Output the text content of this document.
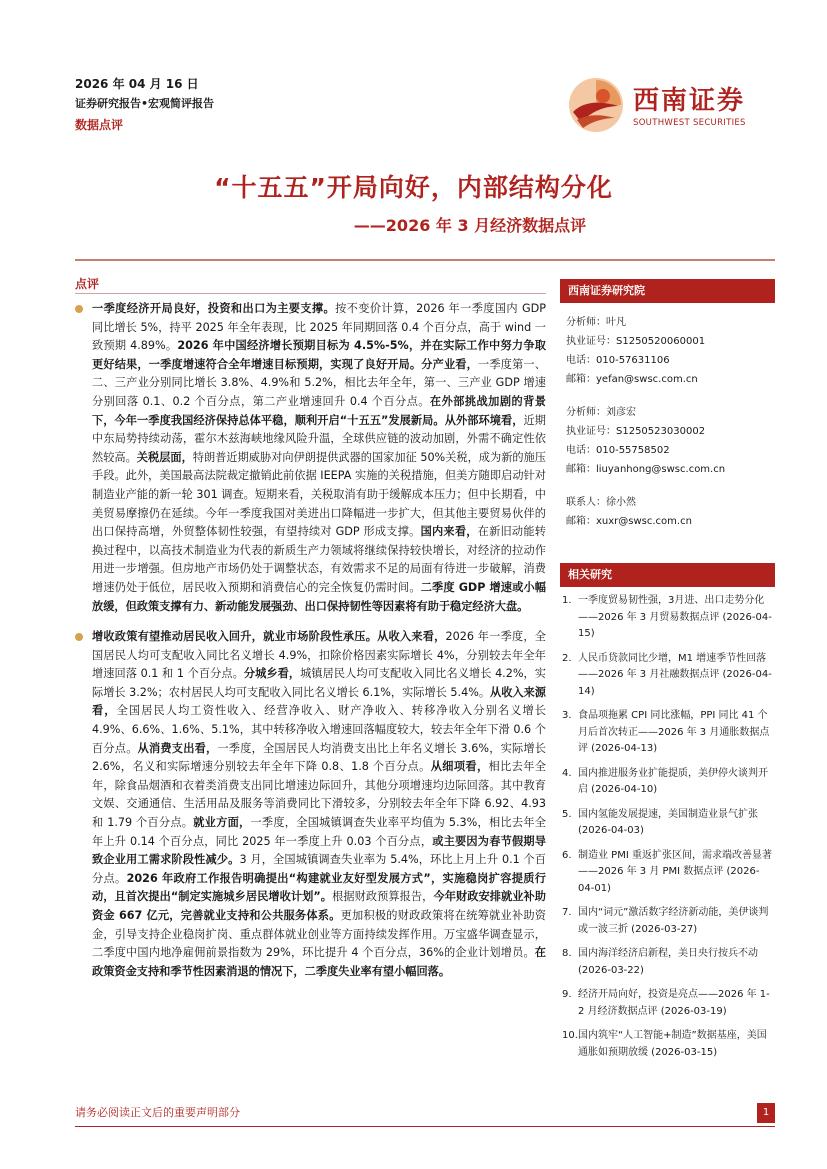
2026 年 04 月 16 日
证券研究报告•宏观简评报告
数据点评
西南证券
SOUTHWEST SECURITIES
“十五五”开局向好，内部结构分化
——2026 年 3 月经济数据点评
点评
一季度经济开局良好，投资和出口为主要支撑。按不变价计算，2026 年一季度国内 GDP 同比增长 5%，持平 2025 年全年表现，比 2025 年同期回落 0.4 个百分点，高于 wind 一致预期 4.89%。2026 年中国经济增长预期目标为 4.5%-5%，并在实际工作中努力争取更好结果，一季度增速符合全年增速目标预期，实现了良好开局。分产业看，一季度第一、二、三产业分别同比增长 3.8%、4.9%和 5.2%，相比去年全年，第一、三产业 GDP 增速分别回落 0.1、0.2 个百分点，第二产业增速回升 0.4 个百分点。在外部挑战加剧的背景下，今年一季度我国经济保持总体平稳，顺利开启“十五五”发展新局。从外部环境看，近期中东局势持续动荡，霍尔木兹海峡地缘风险升温，全球供应链的波动加剧，外需不确定性依然较高。关税层面，特朗普近期威胁对向伊朗提供武器的国家加征 50%关税，成为新的施压手段。此外，美国最高法院裁定撤销此前依据 IEEPA 实施的关税措施，但美方随即启动针对制造业产能的新一轮 301 调查。短期来看，关税取消有助于缓解成本压力；但中长期看，中美贸易摩擦仍在延续。今年一季度我国对美进出口降幅进一步扩大，但其他主要贸易伙伴的出口保持高增，外贸整体韧性较强，有望持续对 GDP 形成支撑。国内来看，在新旧动能转换过程中，以高技术制造业为代表的新质生产力领域将继续保持较快增长，对经济的拉动作用进一步增强。但房地产市场仍处于调整状态，有效需求不足的局面有待进一步破解，消费增速仍处于低位，居民收入预期和消费信心的完全恢复仍需时间。二季度 GDP 增速或小幅放缓，但政策支撑有力、新动能发展强劲、出口保持韧性等因素将有助于稳定经济大盘。
增收政策有望推动居民收入回升，就业市场阶段性承压。从收入来看，2026 年一季度，全国居民人均可支配收入同比名义增长 4.9%，扣除价格因素实际增长 4%，分别较去年全年增速回落 0.1 和 1 个百分点。分城乡看，城镇居民人均可支配收入同比名义增长 4.2%，实际增长 3.2%；农村居民人均可支配收入同比名义增长 6.1%，实际增长 5.4%。从收入来源看，全国居民人均工资性收入、经营净收入、财产净收入、转移净收入分别名义增长 4.9%、6.6%、1.6%、5.1%，其中转移净收入增速回落幅度较大，较去年全年下滑 0.6 个百分点。从消费支出看，一季度，全国居民人均消费支出比上年名义增长 3.6%，实际增长 2.6%，名义和实际增速分别较去年全年下降 0.8、1.8 个百分点。从细项看，相比去年全年，除食品烟酒和衣着类消费支出同比增速边际回升，其他分项增速均边际回落。其中教育文娱、交通通信、生活用品及服务等消费同比下滑较多，分别较去年全年下降 6.92、4.93 和 1.79 个百分点。就业方面，一季度，全国城镇调查失业率平均值为 5.3%，相比去年全年上升 0.14 个百分点，同比 2025 年一季度上升 0.03 个百分点，或主要因为春节假期导致企业用工需求阶段性减少。3 月，全国城镇调查失业率为 5.4%，环比上月上升 0.1 个百分点。2026 年政府工作报告明确提出“构建就业友好型发展方式”，实施稳岗扩容提质行动，且首次提出“制定实施城乡居民增收计划”。根据财政预算报告，今年财政安排就业补助资金 667 亿元，完善就业支持和公共服务体系。更加积极的财政政策将在统筹就业补助资金，引导支持企业稳岗扩岗、重点群体就业创业等方面持续发挥作用。万宝盛华调查显示，二季度中国内地净雇佣前景指数为 29%，环比提升 4 个百分点，36%的企业计划增员。在政策资金支持和季节性因素消退的情况下，二季度失业率有望小幅回落。
西南证券研究院
分析师：叶凡
执业证号：S1250520060001
电话：010-57631106
邮箱：yefan@swsc.com.cn
分析师：刘彦宏
执业证号：S1250523030002
电话：010-55758502
邮箱：liuyanhong@swsc.com.cn
联系人：徐小然
邮箱：xuxr@swsc.com.cn
相关研究
1. 一季度贸易韧性强，3月进、出口走势分化——2026 年 3 月贸易数据点评 (2026-04-15)
2. 人民币贷款同比少增，M1 增速季节性回落——2026 年 3 月社融数据点评 (2026-04-14)
3. 食品项拖累 CPI 同比涨幅，PPI 同比 41 个月后首次转正——2026 年 3 月通胀数据点评 (2026-04-13)
4. 国内推进服务业扩能提质，美伊停火谈判开启 (2026-04-10)
5. 国内氢能发展提速，美国制造业景气扩张 (2026-04-03)
6. 制造业 PMI 重返扩张区间，需求端改善显著——2026 年 3 月 PMI 数据点评 (2026-04-01)
7. 国内“词元”激活数字经济新动能，美伊谈判或一波三折 (2026-03-27)
8. 国内海洋经济启新程，美日央行按兵不动 (2026-03-22)
9. 经济开局向好，投资是亮点——2026 年 1-2 月经济数据点评 (2026-03-19)
10. 国内筑牢“人工智能+制造”数据基座，美国通胀如预期放缓 (2026-03-15)
请务必阅读正文后的重要声明部分	1
